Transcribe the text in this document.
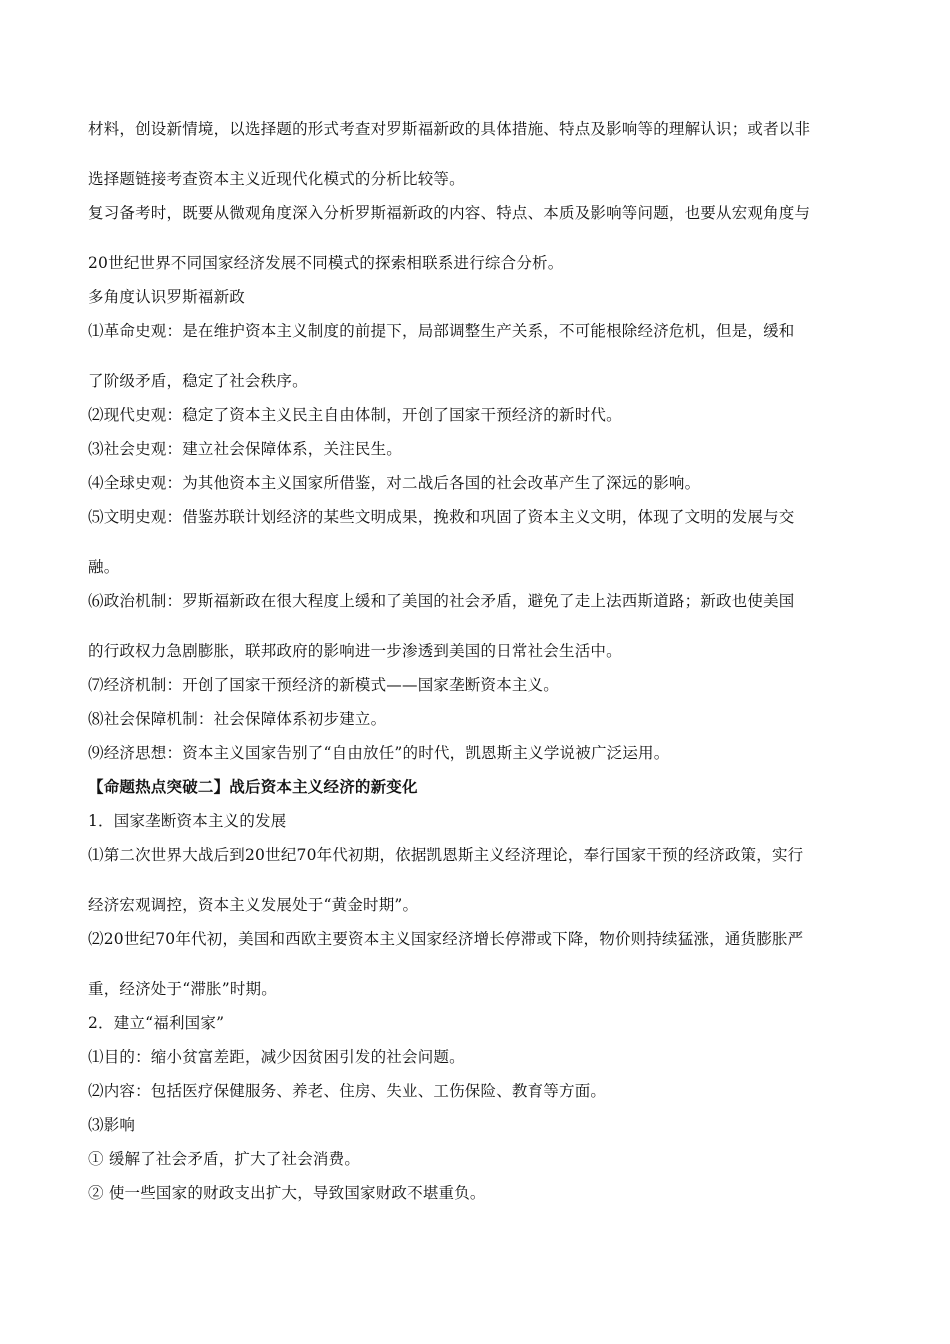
材料，创设新情境，以选择题的形式考查对罗斯福新政的具体措施、特点及影响等的理解认识；或者以非
选择题链接考查资本主义近现代化模式的分析比较等。
复习备考时，既要从微观角度深入分析罗斯福新政的内容、特点、本质及影响等问题，也要从宏观角度与
20世纪世界不同国家经济发展不同模式的探索相联系进行综合分析。
多角度认识罗斯福新政
⑴革命史观：是在维护资本主义制度的前提下，局部调整生产关系，不可能根除经济危机，但是，缓和
了阶级矛盾，稳定了社会秩序。
⑵现代史观：稳定了资本主义民主自由体制，开创了国家干预经济的新时代。
⑶社会史观：建立社会保障体系，关注民生。
⑷全球史观：为其他资本主义国家所借鉴，对二战后各国的社会改革产生了深远的影响。
⑸文明史观：借鉴苏联计划经济的某些文明成果，挽救和巩固了资本主义文明，体现了文明的发展与交
融。
⑹政治机制：罗斯福新政在很大程度上缓和了美国的社会矛盾，避免了走上法西斯道路；新政也使美国
的行政权力急剧膨胀，联邦政府的影响进一步渗透到美国的日常社会生活中。
⑺经济机制：开创了国家干预经济的新模式——国家垄断资本主义。
⑻社会保障机制：社会保障体系初步建立。
⑼经济思想：资本主义国家告别了“自由放任”的时代，凯恩斯主义学说被广泛运用。
【命题热点突破二】战后资本主义经济的新变化
1．国家垄断资本主义的发展
⑴第二次世界大战后到20世纪70年代初期，依据凯恩斯主义经济理论，奉行国家干预的经济政策，实行
经济宏观调控，资本主义发展处于“黄金时期”。
⑵20世纪70年代初，美国和西欧主要资本主义国家经济增长停滞或下降，物价则持续猛涨，通货膨胀严
重，经济处于“滞胀”时期。
2．建立“福利国家”
⑴目的：缩小贫富差距，减少因贫困引发的社会问题。
⑵内容：包括医疗保健服务、养老、住房、失业、工伤保险、教育等方面。
⑶影响
① 缓解了社会矛盾，扩大了社会消费。
② 使一些国家的财政支出扩大，导致国家财政不堪重负。
